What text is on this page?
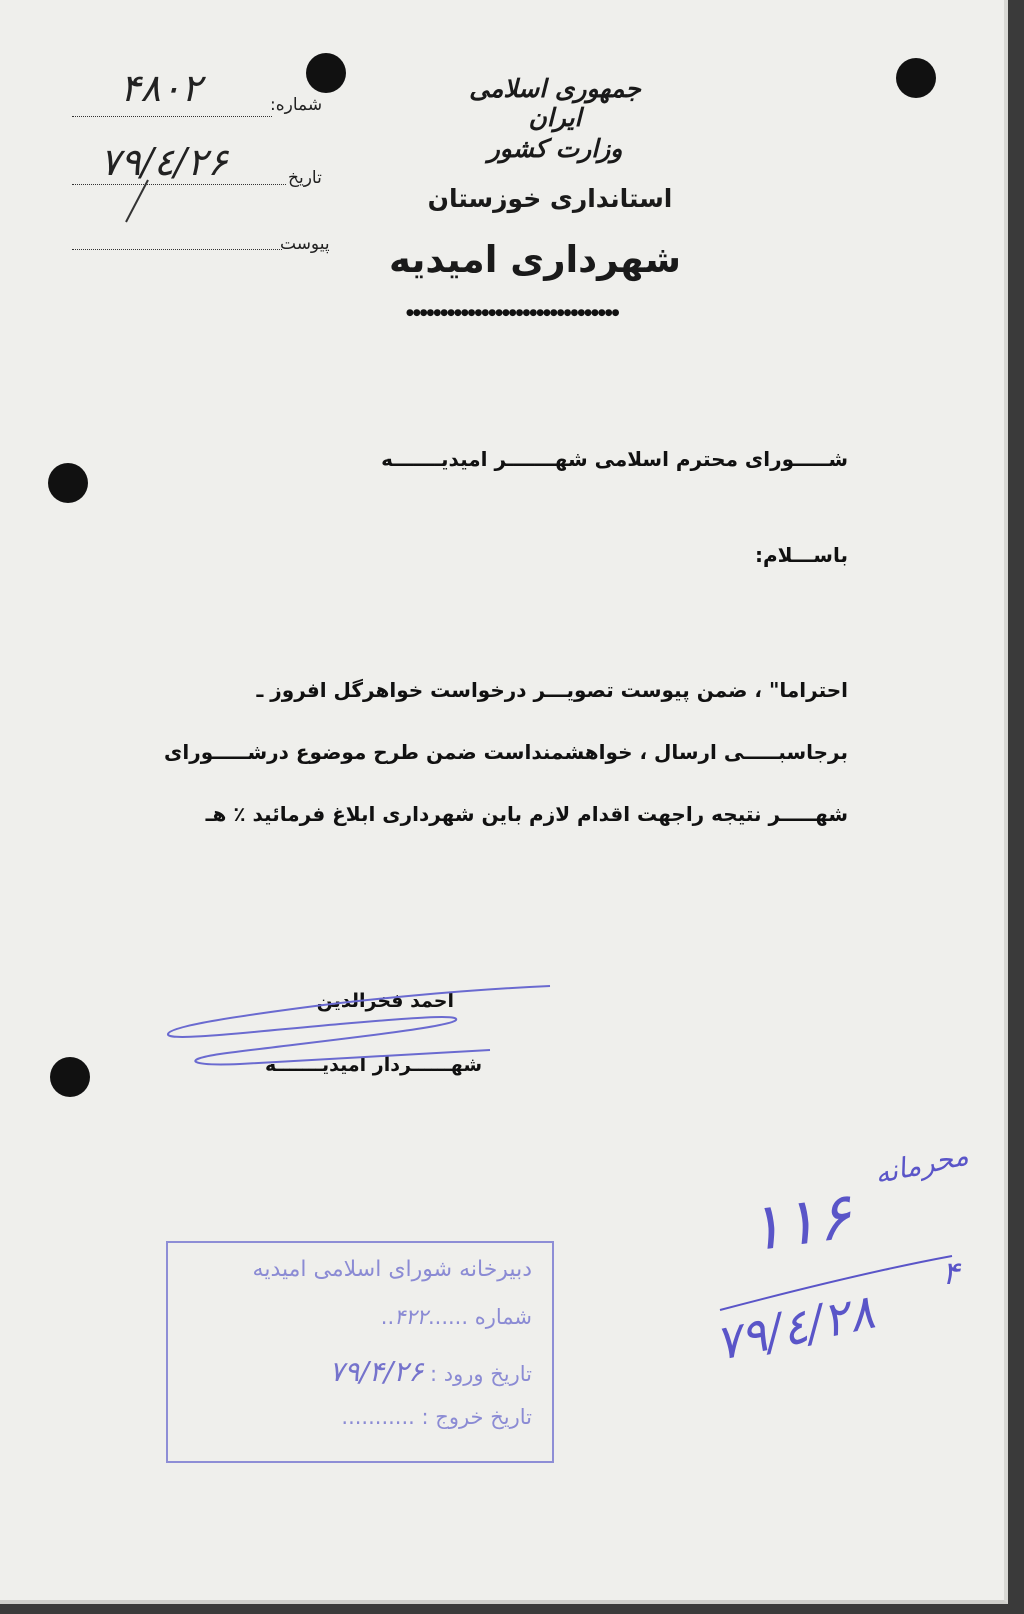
جمهوری اسلامی ایران
وزارت کشور
استانداری خوزستان
شهرداری امیدیه
●●●●●●●●●●●●●●●●●●●●●●●●●●●●●●●
شماره:
۴۸۰۲
تاریخ
۷۹/٤/۲۶
پیوست
شـــــوراى محترم اسلامى شهـــــــر اميديـــــــه
باســـلام:
احتراما" ، ضمن پيوست تصويـــر درخواست خواهرگل افروز ـ
برجاسبـــــى ارسال ، خواهشمنداست ضمن طرح موضوع درشـــــوراى
شهـــــر نتيجه راجهت اقدام لازم باين شهرداری ابلاغ فرمائيد ٪ هـ
احمد فخرالدين
شهــــــردار اميديـــــــه
دبیرخانه شورای اسلامی امیدیه
شماره ......۴۲۲..
تاریخ ورود : ۷۹/۴/۲۶
تاریخ خروج : ...........
محرمانه
۱۱۶
۷۹/٤/۲۸
۴
